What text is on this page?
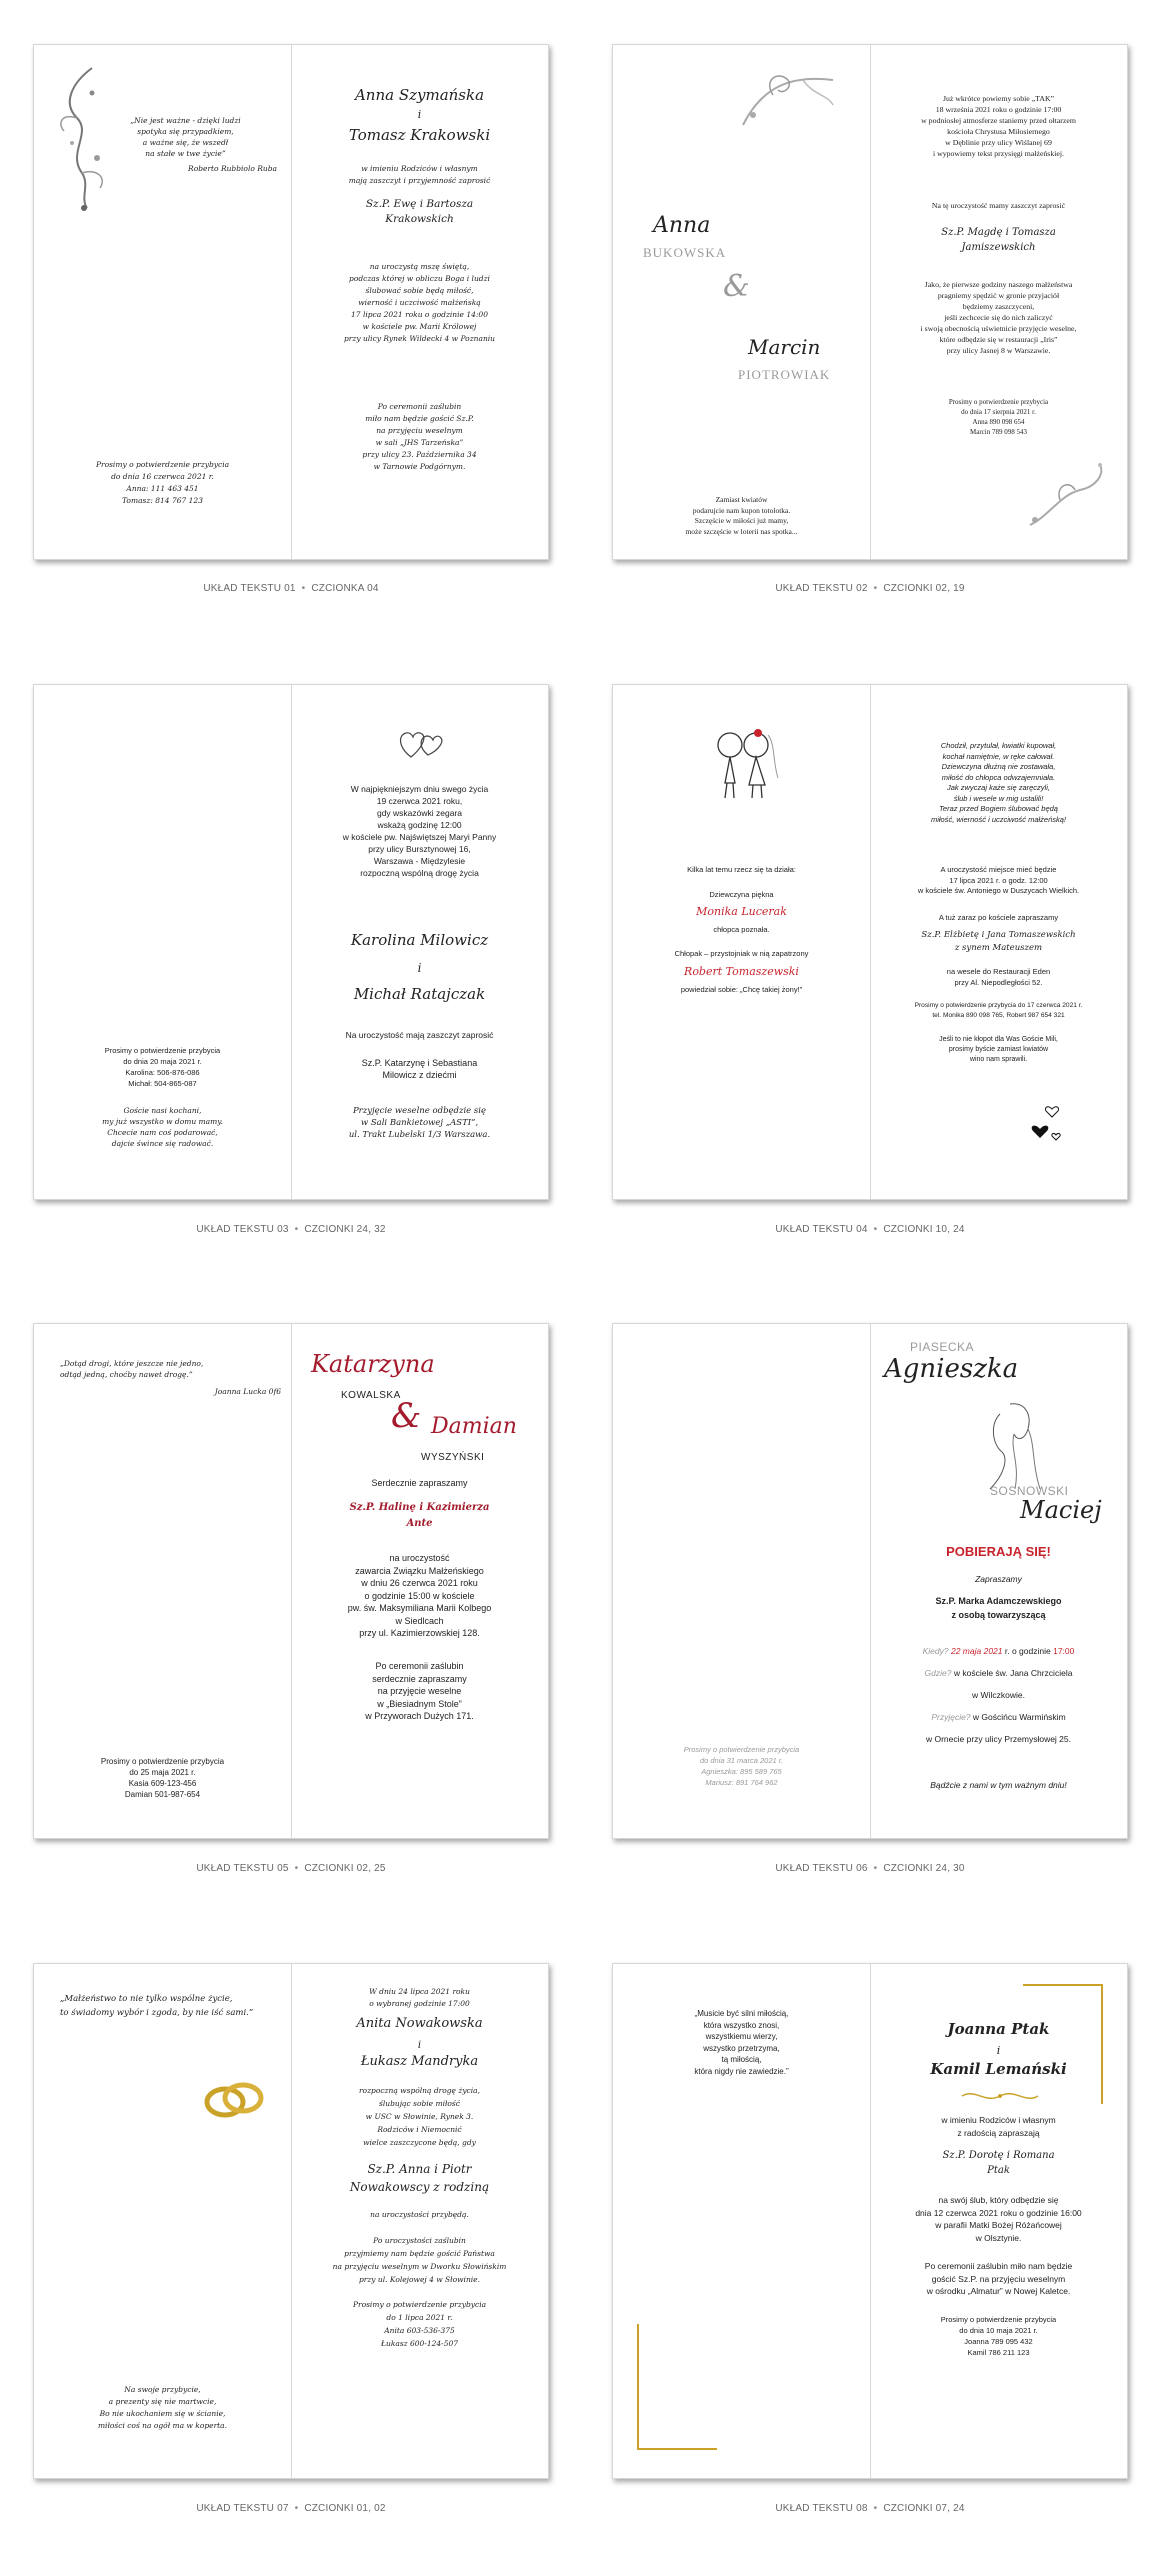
„Nie jest ważne - dzięki ludzi
spotyka się przypadkiem,
a ważne się, że wszedł
na stałe w twe życie”
Roberto Rubbiolo Ruba
Prosimy o potwierdzenie przybycia
do dnia 16 czerwca 2021 r.
Anna: 111 463 451
Tomasz: 814 767 123
Anna Szymańska
i
Tomasz Krakowski
w imieniu Rodziców i własnym
mają zaszczyt i przyjemność zaprosić
Sz.P. Ewę i Bartosza
Krakowskich
na uroczystą mszę świętą,
podczas której w obliczu Boga i ludzi
ślubować sobie będą miłość,
wierność i uczciwość małżeńską
17 lipca 2021 roku o godzinie 14:00
w kościele pw. Marii Królowej
przy ulicy Rynek Wildecki 4 w Poznaniu
Po ceremonii zaślubin
miło nam będzie gościć Sz.P.
na przyjęciu weselnym
w sali „JHS Tarzeńska”
przy ulicy 23. Października 34
w Tarnowie Podgórnym.
UKŁAD TEKSTU 01 • CZCIONKA 04
Anna
BUKOWSKA
&
Marcin
PIOTROWIAK
Zamiast kwiatów
podarujcie nam kupon totolotka.
Szczęście w miłości już mamy,
może szczęście w loterii nas spotka...
Już wkrótce powiemy sobie „TAK”
18 września 2021 roku o godzinie 17:00
w podniosłej atmosferze staniemy przed ołtarzem
kościoła Chrystusa Miłosiernego
w Dęblinie przy ulicy Wiślanej 69
i wypowiemy tekst przysięgi małżeńskiej.
Na tę uroczystość mamy zaszczyt zaprosić
Sz.P. Magdę i Tomasza
Jamiszewskich
Jako, że pierwsze godziny naszego małżeństwa
pragniemy spędzić w gronie przyjaciół
będziemy zaszczyceni,
jeśli zechcecie się do nich zaliczyć
i swoją obecnością uświetnicie przyjęcie weselne,
które odbędzie się w restauracji „Iris”
przy ulicy Jasnej 8 w Warszawie.
Prosimy o potwierdzenie przybycia
do dnia 17 sierpnia 2021 r.
Anna 890 098 654
Marcin 789 098 543
UKŁAD TEKSTU 02 • CZCIONKI 02, 19
Prosimy o potwierdzenie przybycia
do dnia 20 maja 2021 r.
Karolina: 506-876-086
Michał: 504-865-087
Goście nasi kochani,
my już wszystko w domu mamy.
Chcecie nam coś podarować,
dajcie śwince się radować.
W najpiękniejszym dniu swego życia
19 czerwca 2021 roku,
gdy wskazówki zegara
wskażą godzinę 12:00
w kościele pw. Najświętszej Maryi Panny
przy ulicy Bursztynowej 16,
Warszawa - Międzylesie
rozpoczną wspólną drogę życia
Karolina Milowicz
i
Michał Ratajczak
Na uroczystość mają zaszczyt zaprosić
Sz.P. Katarzynę i Sebastiana
Milowicz z dziećmi
Przyjęcie weselne odbędzie się
w Sali Bankietowej „ASTI”,
ul. Trakt Lubelski 1/3 Warszawa.
UKŁAD TEKSTU 03 • CZCIONKI 24, 32
Kilka lat temu rzecz się ta działa:
Dziewczyna piękna
Monika Lucerak
chłopca poznała.
Chłopak – przystojniak w nią zapatrzony
Robert Tomaszewski
powiedział sobie: „Chcę takiej żony!”
Chodził, przytulał, kwiatki kupował,
kochał namiętnie, w ręke całował.
Dziewczyna dłużną nie zostawała,
miłość do chłopca odwzajemniała.
Jak zwyczaj każe się zaręczyli,
ślub i wesele w mig ustalili!
Teraz przed Bogiem ślubować będą
miłość, wierność i uczciwość małżeńską!
A uroczystość miejsce mieć będzie
17 lipca 2021 r. o godz. 12:00
w kościele św. Antoniego w Duszycach Wielkich.
A tuż zaraz po kościele zapraszamy
Sz.P. Elżbietę i Jana Tomaszewskich
z synem Mateuszem
na wesele do Restauracji Eden
przy Al. Niepodległości 52.
Prosimy o potwierdzenie przybycia do 17 czerwca 2021 r.
tel. Monika 890 098 765, Robert 987 654 321
Jeśli to nie kłopot dla Was Goście Mili,
prosimy byście zamiast kwiatów
wino nam sprawili.
UKŁAD TEKSTU 04 • CZCIONKI 10, 24
„Dotąd drogi, które jeszcze nie jedno,
odtąd jedną, choćby nawet drogę.”
Joanna Lucka 0f6
Prosimy o potwierdzenie przybycia
do 25 maja 2021 r.
Kasia 609-123-456
Damian 501-987-654
Katarzyna
KOWALSKA
& Damian
WYSZYŃSKI
Serdecznie zapraszamy
Sz.P. Halinę i Kazimierza
Ante
na uroczystość
zawarcia Związku Małżeńskiego
w dniu 26 czerwca 2021 roku
o godzinie 15:00 w kościele
pw. św. Maksymiliana Marii Kolbego
w Siedlcach
przy ul. Kazimierzowskiej 128.
Po ceremonii zaślubin
serdecznie zapraszamy
na przyjęcie weselne
w „Biesiadnym Stole”
w Przyworach Dużych 171.
UKŁAD TEKSTU 05 • CZCIONKI 02, 25
Prosimy o potwierdzenie przybycia
do dnia 31 marca 2021 r.
Agnieszka: 895 589 765
Mariusz: 891 764 962
PIASECKA
Agnieszka
SOSNOWSKI
Maciej
POBIERAJĄ SIĘ!
Zapraszamy
Sz.P. Marka Adamczewskiego
z osobą towarzyszącą
Kiedy? 22 maja 2021 r. o godzinie 17:00
Gdzie? w kościele św. Jana Chrzciciela
w Wilczkowie.
Przyjęcie? w Gościńcu Warmińskim
w Ornecie przy ulicy Przemysłowej 25.
Bądźcie z nami w tym ważnym dniu!
UKŁAD TEKSTU 06 • CZCIONKI 24, 30
„Małżeństwo to nie tylko wspólne życie,
to świadomy wybór i zgoda, by nie iść sami.”
Na swoje przybycie,
a prezenty się nie martwcie,
Bo nie ukochaniem się w ścianie,
miłości coś na ogół ma w koperta.
W dniu 24 lipca 2021 roku
o wybranej godzinie 17:00
Anita Nowakowska
i
Łukasz Mandryka
rozpoczną wspólną drogę życia,
ślubując sobie miłość
w USC w Słowinie, Rynek 3.
Rodziców i Niemocnić
wielce zaszczycone będą, gdy
Sz.P. Anna i Piotr
Nowakowscy z rodziną
na uroczystości przybędą.
Po uroczystości zaślubin
przyjmiemy nam będzie gościć Państwa
na przyjęciu weselnym w Dworku Słowińskim
przy ul. Kolejowej 4 w Słowinie.
Prosimy o potwierdzenie przybycia
do 1 lipca 2021 r.
Anita 603-536-375
Łukasz 600-124-507
UKŁAD TEKSTU 07 • CZCIONKI 01, 02
„Musicie być silni miłością,
która wszystko znosi,
wszystkiemu wierzy,
wszystko przetrzyma,
tą miłością,
która nigdy nie zawiedzie.”
Joanna Ptak
i
Kamil Lemański
w imieniu Rodziców i własnym
z radością zapraszają
Sz.P. Dorotę i Romana
Ptak
na swój ślub, który odbędzie się
dnia 12 czerwca 2021 roku o godzinie 16:00
w parafii Matki Bożej Różańcowej
w Olsztynie.
Po ceremonii zaślubin miło nam będzie
gościć Sz.P. na przyjęciu weselnym
w ośrodku „Almatur” w Nowej Kaletce.
Prosimy o potwierdzenie przybycia
do dnia 10 maja 2021 r.
Joanna 789 095 432
Kamil 786 211 123
UKŁAD TEKSTU 08 • CZCIONKI 07, 24
